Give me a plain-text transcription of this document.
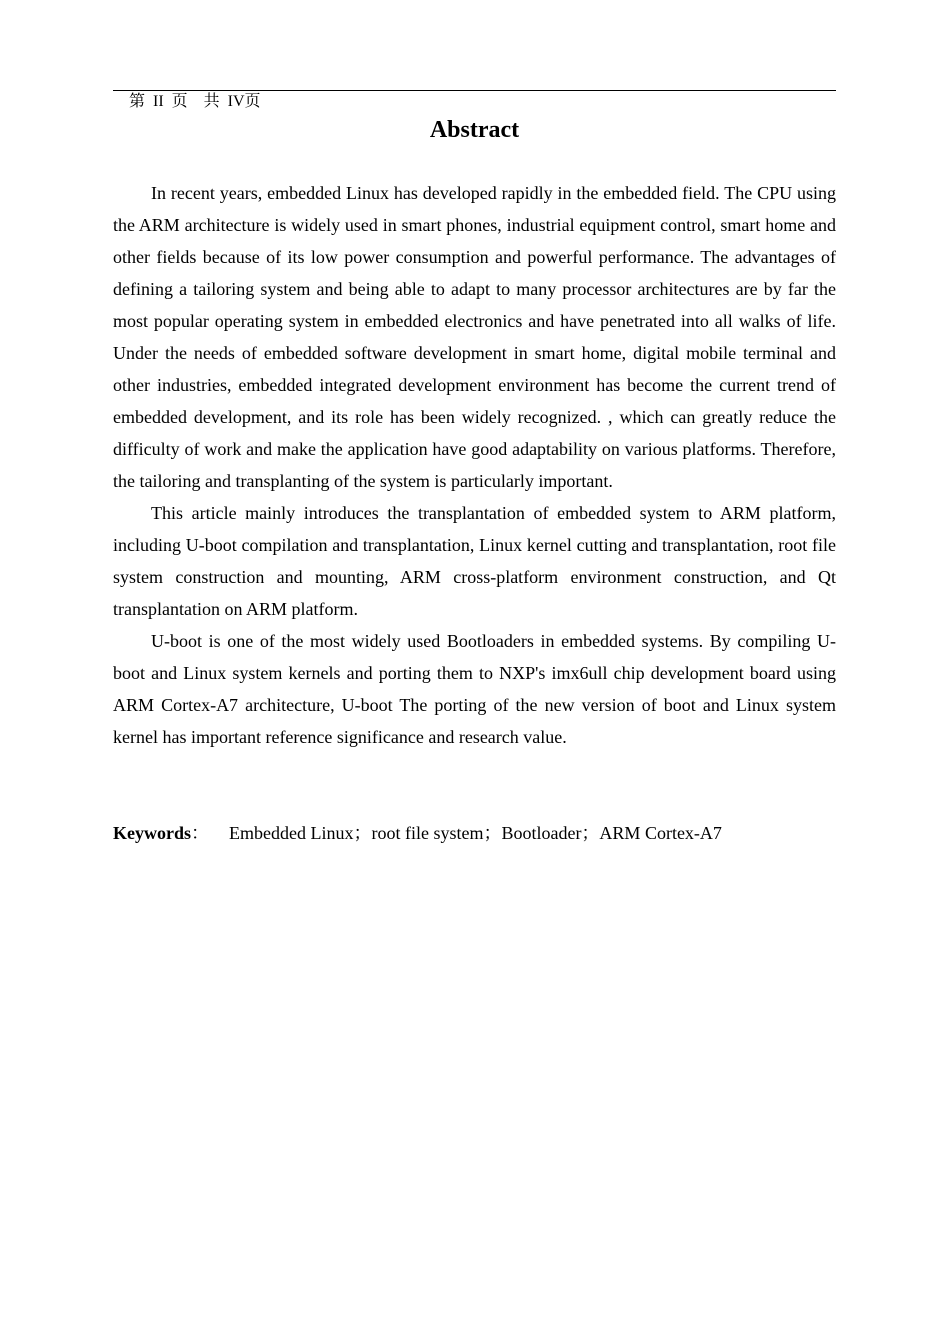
第  II  页    共  IV页

Abstract

In recent years, embedded Linux has developed rapidly in the embedded field. The CPU using the ARM architecture is widely used in smart phones, industrial equipment control, smart home and other fields because of its low power consumption and powerful performance. The advantages of defining a tailoring system and being able to adapt to many processor architectures are by far the most popular operating system in embedded electronics and have penetrated into all walks of life. Under the needs of embedded software development in smart home, digital mobile terminal and other industries, embedded integrated development environment has become the current trend of embedded development, and its role has been widely recognized. , which can greatly reduce the difficulty of work and make the application have good adaptability on various platforms. Therefore, the tailoring and transplanting of the system is particularly important.

This article mainly introduces the transplantation of embedded system to ARM platform, including U-boot compilation and transplantation, Linux kernel cutting and transplantation, root file system construction and mounting, ARM cross-platform environment construction, and Qt transplantation on ARM platform.

U-boot is one of the most widely used Bootloaders in embedded systems. By compiling U-boot and Linux system kernels and porting them to NXP's imx6ull chip development board using ARM Cortex-A7 architecture, U-boot The porting of the new version of boot and Linux system kernel has important reference significance and research value.

Keywords： Embedded Linux；root file system；Bootloader；ARM Cortex-A7
